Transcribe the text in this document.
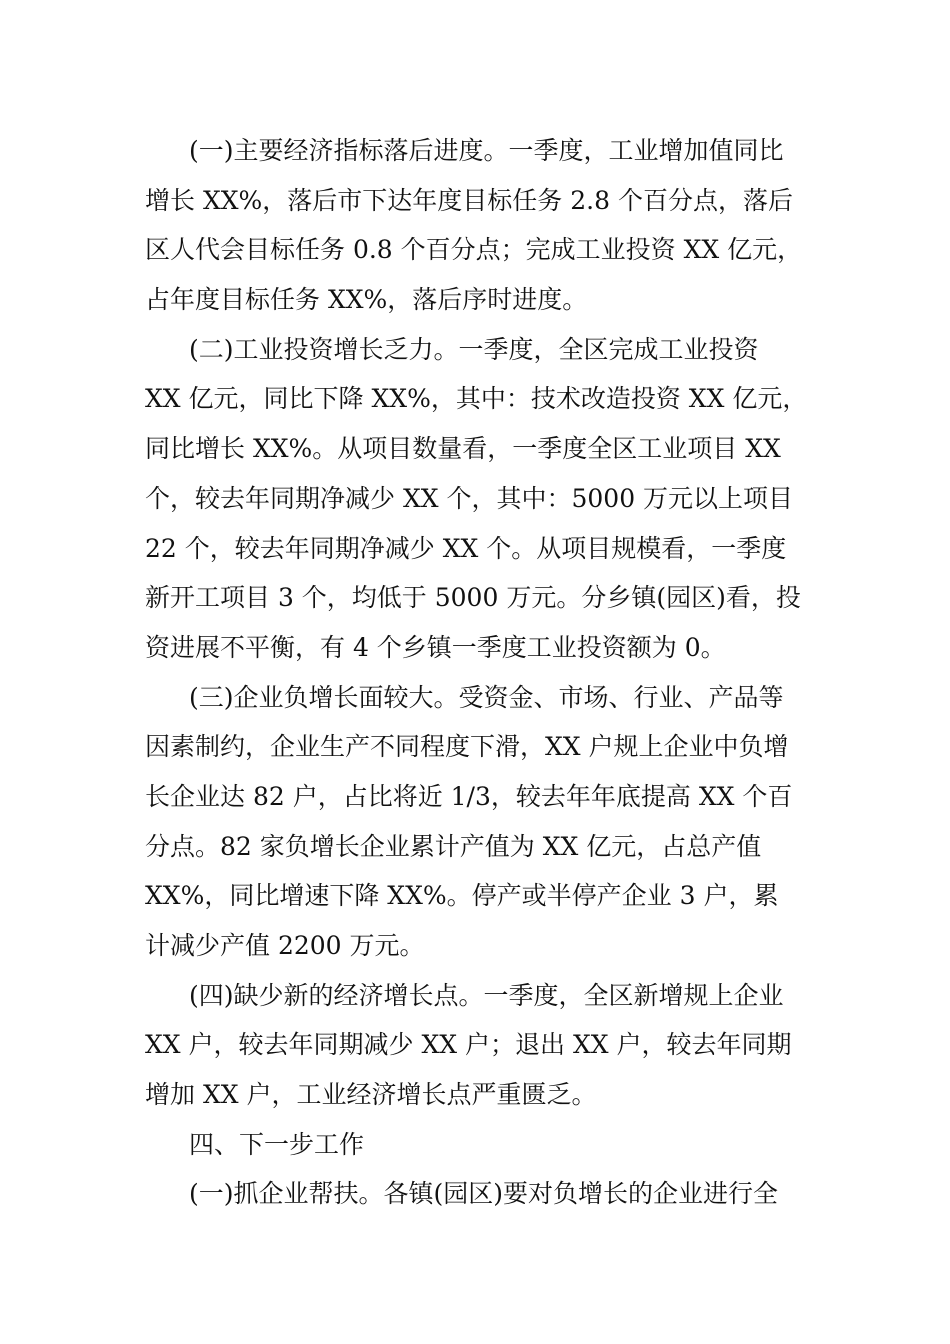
(一)主要经济指标落后进度。一季度，工业增加值同比
增长 XX%，落后市下达年度目标任务 2.8 个百分点，落后
区人代会目标任务 0.8 个百分点；完成工业投资 XX 亿元，
占年度目标任务 XX%，落后序时进度。
(二)工业投资增长乏力。一季度，全区完成工业投资
XX 亿元，同比下降 XX%，其中：技术改造投资 XX 亿元，
同比增长 XX%。从项目数量看，一季度全区工业项目 XX
个，较去年同期净减少 XX 个，其中：5000 万元以上项目
22 个，较去年同期净减少 XX 个。从项目规模看，一季度
新开工项目 3 个，均低于 5000 万元。分乡镇(园区)看，投
资进展不平衡，有 4 个乡镇一季度工业投资额为 0。
(三)企业负增长面较大。受资金、市场、行业、产品等
因素制约，企业生产不同程度下滑，XX 户规上企业中负增
长企业达 82 户，占比将近 1/3，较去年年底提高 XX 个百
分点。82 家负增长企业累计产值为 XX 亿元，占总产值
XX%，同比增速下降 XX%。停产或半停产企业 3 户，累
计减少产值 2200 万元。
(四)缺少新的经济增长点。一季度，全区新增规上企业
XX 户，较去年同期减少 XX 户；退出 XX 户，较去年同期
增加 XX 户，工业经济增长点严重匮乏。
四、下一步工作
(一)抓企业帮扶。各镇(园区)要对负增长的企业进行全
